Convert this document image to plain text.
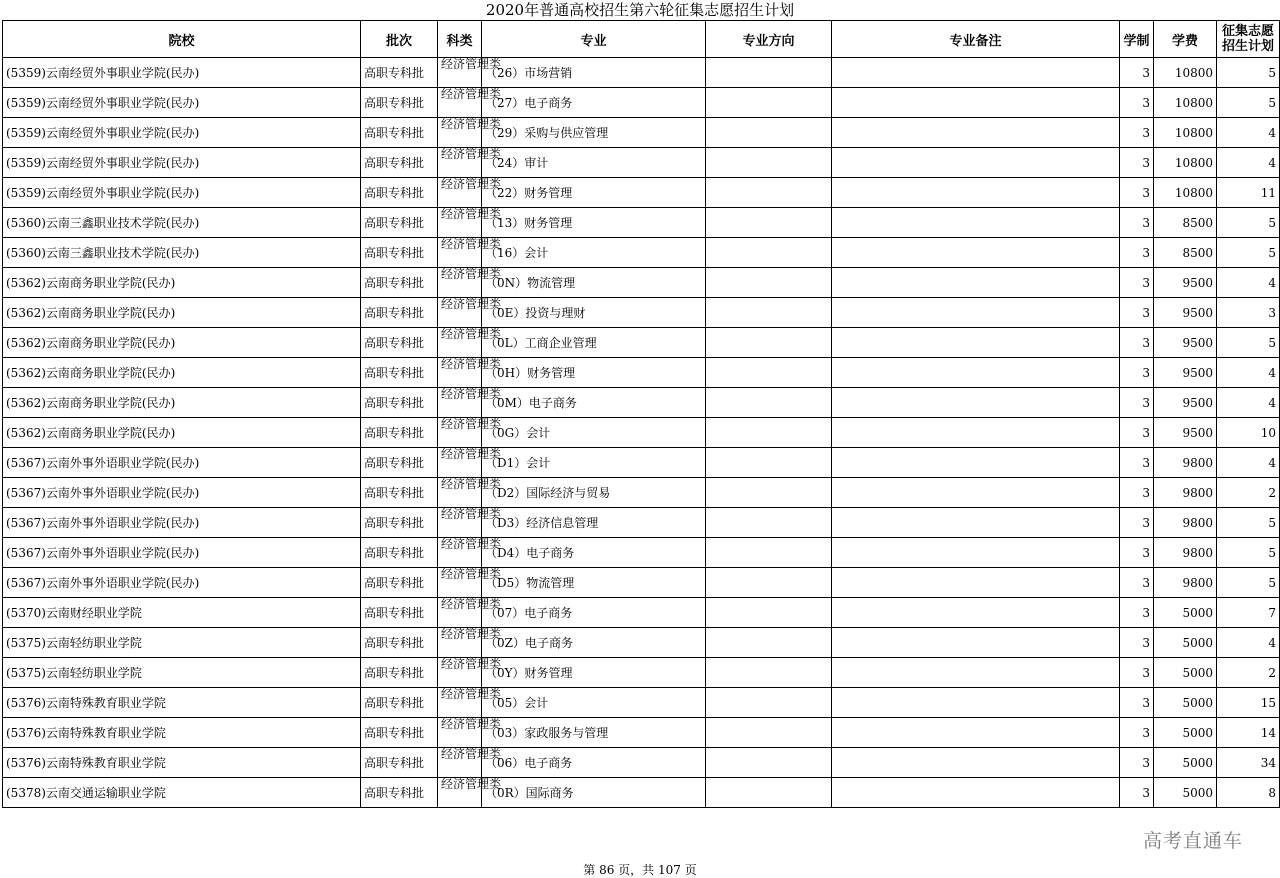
2020年普通高校招生第六轮征集志愿招生计划
院校	批次	科类	专业	专业方向	专业备注	学制	学费	征集志愿
招生计划
(5359)云南经贸外事职业学院(民办)	高职专科批	经济管理类	（26）市场营销			3	10800	5
(5359)云南经贸外事职业学院(民办)	高职专科批	经济管理类	（27）电子商务			3	10800	5
(5359)云南经贸外事职业学院(民办)	高职专科批	经济管理类	（29）采购与供应管理			3	10800	4
(5359)云南经贸外事职业学院(民办)	高职专科批	经济管理类	（24）审计			3	10800	4
(5359)云南经贸外事职业学院(民办)	高职专科批	经济管理类	（22）财务管理			3	10800	11
(5360)云南三鑫职业技术学院(民办)	高职专科批	经济管理类	（13）财务管理			3	8500	5
(5360)云南三鑫职业技术学院(民办)	高职专科批	经济管理类	（16）会计			3	8500	5
(5362)云南商务职业学院(民办)	高职专科批	经济管理类	（0N）物流管理			3	9500	4
(5362)云南商务职业学院(民办)	高职专科批	经济管理类	（0E）投资与理财			3	9500	3
(5362)云南商务职业学院(民办)	高职专科批	经济管理类	（0L）工商企业管理			3	9500	5
(5362)云南商务职业学院(民办)	高职专科批	经济管理类	（0H）财务管理			3	9500	4
(5362)云南商务职业学院(民办)	高职专科批	经济管理类	（0M）电子商务			3	9500	4
(5362)云南商务职业学院(民办)	高职专科批	经济管理类	（0G）会计			3	9500	10
(5367)云南外事外语职业学院(民办)	高职专科批	经济管理类	（D1）会计			3	9800	4
(5367)云南外事外语职业学院(民办)	高职专科批	经济管理类	（D2）国际经济与贸易			3	9800	2
(5367)云南外事外语职业学院(民办)	高职专科批	经济管理类	（D3）经济信息管理			3	9800	5
(5367)云南外事外语职业学院(民办)	高职专科批	经济管理类	（D4）电子商务			3	9800	5
(5367)云南外事外语职业学院(民办)	高职专科批	经济管理类	（D5）物流管理			3	9800	5
(5370)云南财经职业学院	高职专科批	经济管理类	（07）电子商务			3	5000	7
(5375)云南轻纺职业学院	高职专科批	经济管理类	（0Z）电子商务			3	5000	4
(5375)云南轻纺职业学院	高职专科批	经济管理类	（0Y）财务管理			3	5000	2
(5376)云南特殊教育职业学院	高职专科批	经济管理类	（05）会计			3	5000	15
(5376)云南特殊教育职业学院	高职专科批	经济管理类	（03）家政服务与管理			3	5000	14
(5376)云南特殊教育职业学院	高职专科批	经济管理类	（06）电子商务			3	5000	34
(5378)云南交通运输职业学院	高职专科批	经济管理类	（0R）国际商务			3	5000	8
第 86 页，共 107 页
高考直通车
